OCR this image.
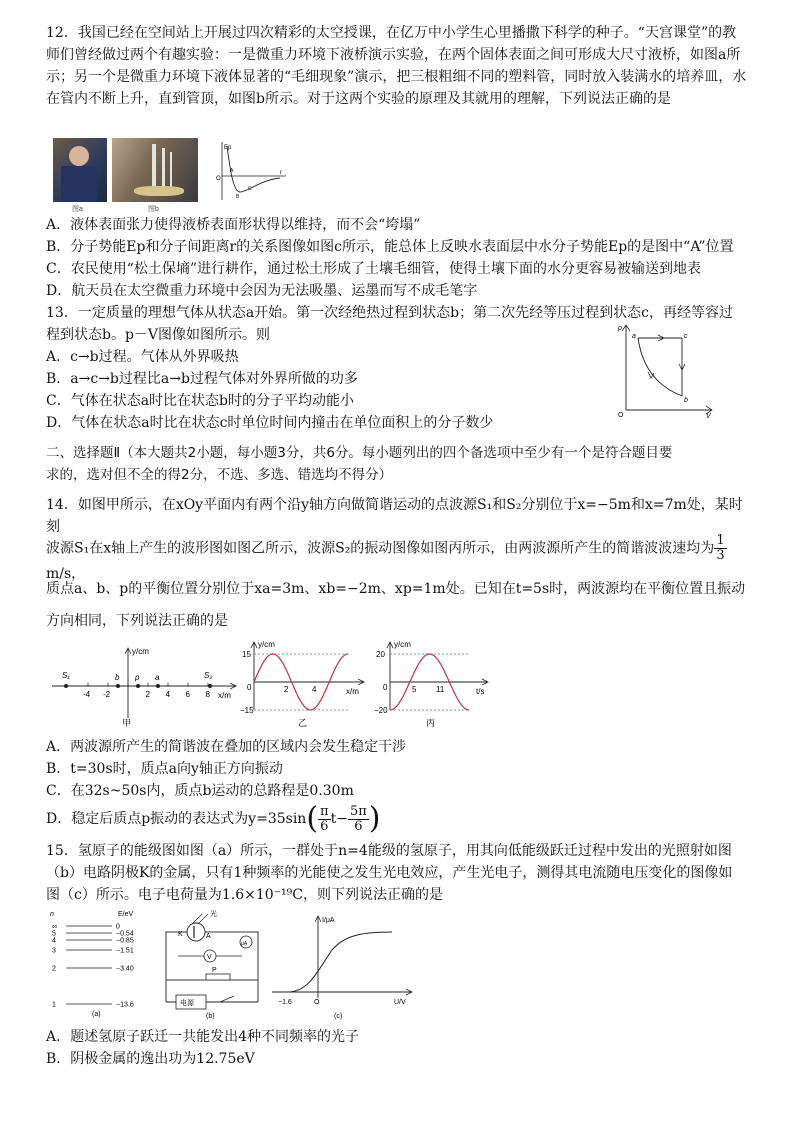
12．我国已经在空间站上开展过四次精彩的太空授课，在亿万中小学生心里播撒下科学的种子。“天宫课堂”的教师们曾经做过两个有趣实验：一是微重力环境下液桥演示实验，在两个固体表面之间可形成大尺寸液桥，如图a所示；另一个是微重力环境下液体显著的“毛细现象”演示，把三根粗细不同的塑料管，同时放入装满水的培养皿，水在管内不断上升，直到管顶，如图b所示。对于这两个实验的原理及其就用的理解，下列说法正确的是

图a	图b
Ep
r
O
A
B
C

A．液体表面张力使得液桥表面形状得以维持，而不会“垮塌”

B．分子势能Ep和分子间距离r的关系图像如图c所示，能总体上反映水表面层中水分子势能Ep的是图中“A”位置

C．农民使用“松土保墒”进行耕作，通过松土形成了土壤毛细管，使得土壤下面的水分更容易被输送到地表

D．航天员在太空微重力环境中会因为无法吸墨、运墨而写不成毛笔字

13．一定质量的理想气体从状态a开始。第一次经绝热过程到状态b；第二次先经等压过程到状态c，再经等容过

程到状态b。p－V图像如图所示。则

A．c→b过程。气体从外界吸热

B．a→c→b过程比a→b过程气体对外界所做的功多

C．气体在状态a时比在状态b时的分子平均动能小

D．气体在状态a时比在状态c时单位时间内撞击在单位面积上的分子数少

p
V
O
a	c
b

二、选择题Ⅱ（本大题共2小题，每小题3分，共6分。每小题列出的四个备选项中至少有一个是符合题目要

求的，选对但不全的得2分，不选、多选、错选均不得分）

14．如图甲所示，在xOy平面内有两个沿y轴方向做简谐运动的点波源S₁和S₂分别位于x=−5m和x=7m处，某时刻

波源S₁在x轴上产生的波形图如图乙所示，波源S₂的振动图像如图丙所示，由两波源所产生的简谐波波速均为 $\frac{1}{3}$
m/s，

质点a、b、p的平衡位置分别位于xa=3m、xb=−2m、xp=1m处。已知在t=5s时，两波源均在平衡位置且振动

方向相同，下列说法正确的是

-4 -2	2 4 6 8
S₁	S₂
p a
b
y/cm
x/m
甲
y/cm
x/m
0
15
−15
2	4
乙
y/cm
t/s
0
20
−20
5 11
丙

A．两波源所产生的简谐波在叠加的区域内会发生稳定干涉

B．t=30s时，质点a向y轴正方向振动

C．在32s~50s内，质点b运动的总路程是0.30m

D．稳定后质点p振动的表达式为$y=35\sin( \frac{\pi}{6} t- \frac{5\pi}{6}$ )

15．氢原子的能级图如图（a）所示，一群处于n=4能级的氢原子，用其向低能级跃迁过程中发出的光照射如图

（b）电路阴极K的金属，只有1种频率的光能使之发生光电效应，产生光电子，测得其电流随电压变化的图像如

图（c）所示。电子电荷量为1.6×10⁻¹⁹C，则下列说法正确的是

n	E/eV
∞	0
5	−0.54
4	−0.85
3	−1.51
2	−3.40
1	−13.6
(a)
光
K	A
μA
V
P
电源
(b)
I/μA
U/V
O
−1.6
(c)

A．题述氢原子跃迁一共能发出4种不同频率的光子

B．阴极金属的逸出功为12.75eV
